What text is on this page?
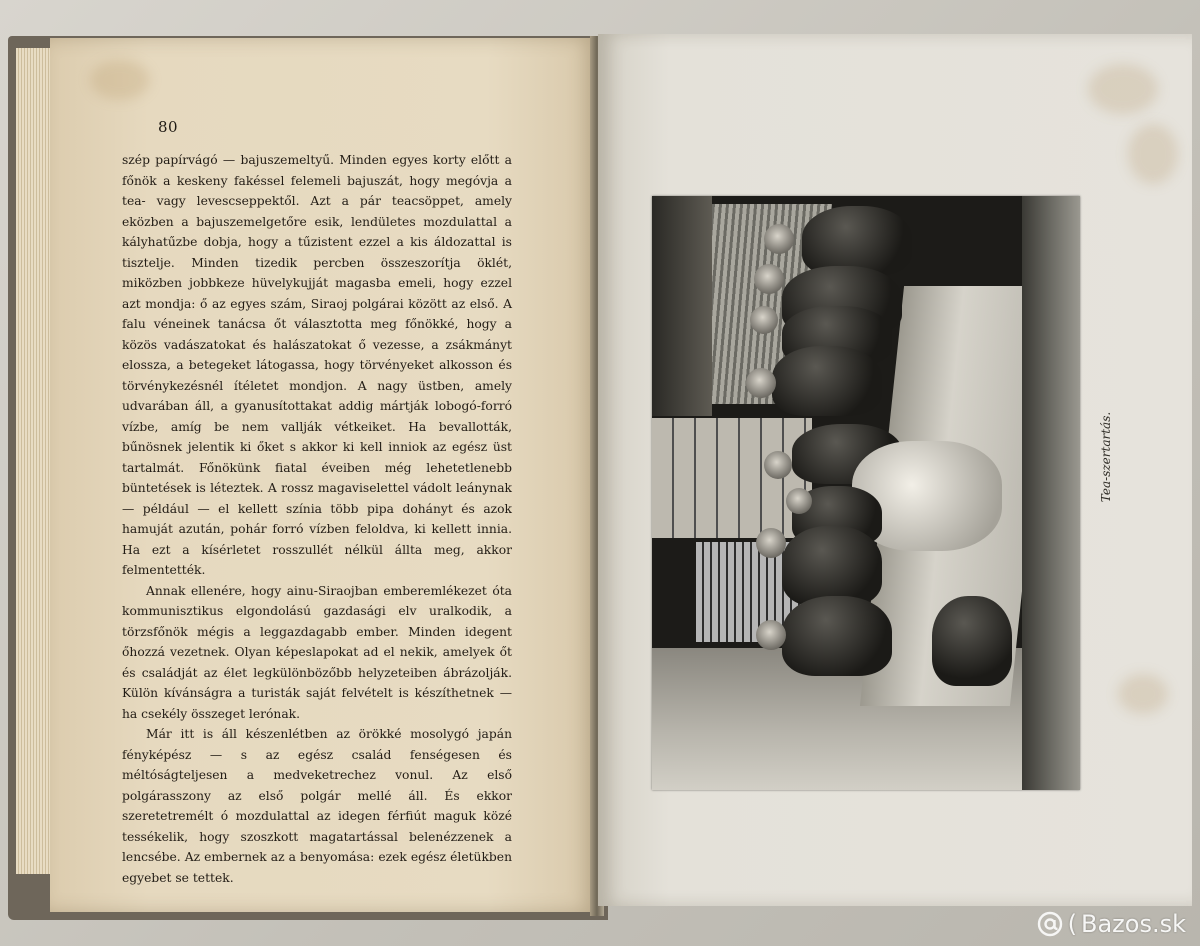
80

szép papírvágó — bajuszemeltyű. Minden egyes korty előtt a főnök a keskeny fakéssel felemeli bajuszát, hogy megóvja a tea- vagy levescseppektől. Azt a pár teacsöppet, amely eközben a bajuszemelgetőre esik, lendületes mozdulattal a kályhatűzbe dobja, hogy a tűzistent ezzel a kis áldozattal is tisztelje. Minden tizedik percben összeszorítja öklét, miközben jobbkeze hüvelykujját magasba emeli, hogy ezzel azt mondja: ő az egyes szám, Siraoj polgárai között az első. A falu véneinek tanácsa őt választotta meg főnökké, hogy a közös vadászatokat és halászatokat ő vezesse, a zsákmányt elossza, a betegeket látogassa, hogy törvényeket alkosson és törvénykezésnél ítéletet mondjon. A nagy üstben, amely udvarában áll, a gyanusítottakat addig mártják lobogó-forró vízbe, amíg be nem vallják vétkeiket. Ha bevallották, bűnösnek jelentik ki őket s akkor ki kell inniok az egész üst tartalmát. Főnökünk fiatal éveiben még lehetetlenebb büntetések is léteztek. A rossz magaviselettel vádolt leánynak — például — el kellett színia több pipa dohányt és azok hamuját azután, pohár forró vízben feloldva, ki kellett innia. Ha ezt a kísérletet rosszullét nélkül állta meg, akkor felmentették.

Annak ellenére, hogy ainu-Siraojban emberemlékezet óta kommunisztikus elgondolású gazdasági elv uralkodik, a törzsfőnök mégis a leggazdagabb ember. Minden idegent őhozzá vezetnek. Olyan képeslapokat ad el nekik, amelyek őt és családját az élet legkülönbözőbb helyzeteiben ábrázolják. Külön kívánságra a turisták saját felvételt is készíthetnek — ha csekély összeget lerónak.

Már itt is áll készenlétben az örökké mosolygó japán fényképész — s az egész család fenségesen és méltóságteljesen a medveketrechez vonul. Az első polgárasszony az első polgár mellé áll. És ekkor szeretetremélt ó mozdulattal az idegen férfiút maguk közé tessékelik, hogy szoszkott magatartással belenézzenek a lencsébe. Az embernek az a benyomása: ezek egész életükben egyebet se tettek.

Tea-szertartás.
( Bazos.sk
